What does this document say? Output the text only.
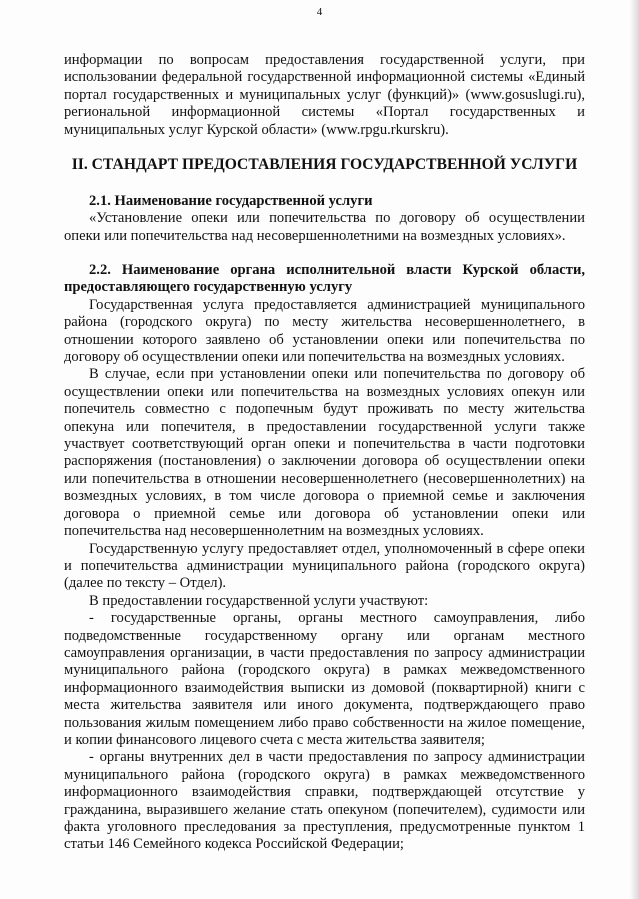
4

информации по вопросам предоставления государственной услуги, при использовании федеральной государственной информационной системы «Единый портал государственных и муниципальных услуг (функций)» (www.gosuslugi.ru), региональной информационной системы «Портал государственных и муниципальных услуг Курской области» (www.rpgu.rkurskru).

II. СТАНДАРТ ПРЕДОСТАВЛЕНИЯ ГОСУДАРСТВЕННОЙ УСЛУГИ

2.1. Наименование государственной услуги

«Установление опеки или попечительства по договору об осуществлении опеки или попечительства над несовершеннолетними на возмездных условиях».

2.2. Наименование органа исполнительной власти Курской области, предоставляющего государственную услугу

Государственная услуга предоставляется администрацией муниципального района (городского округа) по месту жительства несовершеннолетнего, в отношении которого заявлено об установлении опеки или попечительства по договору об осуществлении опеки или попечительства на возмездных условиях.

В случае, если при установлении опеки или попечительства по договору об осуществлении опеки или попечительства на возмездных условиях опекун или попечитель совместно с подопечным будут проживать по месту жительства опекуна или попечителя, в предоставлении государственной услуги также участвует соответствующий орган опеки и попечительства в части подготовки распоряжения (постановления) о заключении договора об осуществлении опеки или попечительства в отношении несовершеннолетнего (несовершеннолетних) на возмездных условиях, в том числе договора о приемной семье и заключения договора о приемной семье или договора об установлении опеки или попечительства над несовершеннолетним на возмездных условиях.

Государственную услугу предоставляет отдел, уполномоченный в сфере опеки и попечительства администрации муниципального района (городского округа) (далее по тексту – Отдел).

В предоставлении государственной услуги участвуют:

- государственные органы, органы местного самоуправления, либо подведомственные государственному органу или органам местного самоуправления организации, в части предоставления по запросу администрации муниципального района (городского округа) в рамках межведомственного информационного взаимодействия выписки из домовой (поквартирной) книги с места жительства заявителя или иного документа, подтверждающего право пользования жилым помещением либо право собственности на жилое помещение, и копии финансового лицевого счета с места жительства заявителя;

- органы внутренних дел в части предоставления по запросу администрации муниципального района (городского округа) в рамках межведомственного информационного взаимодействия справки, подтверждающей отсутствие у гражданина, выразившего желание стать опекуном (попечителем), судимости или факта уголовного преследования за преступления, предусмотренные пунктом 1 статьи 146 Семейного кодекса Российской Федерации;
